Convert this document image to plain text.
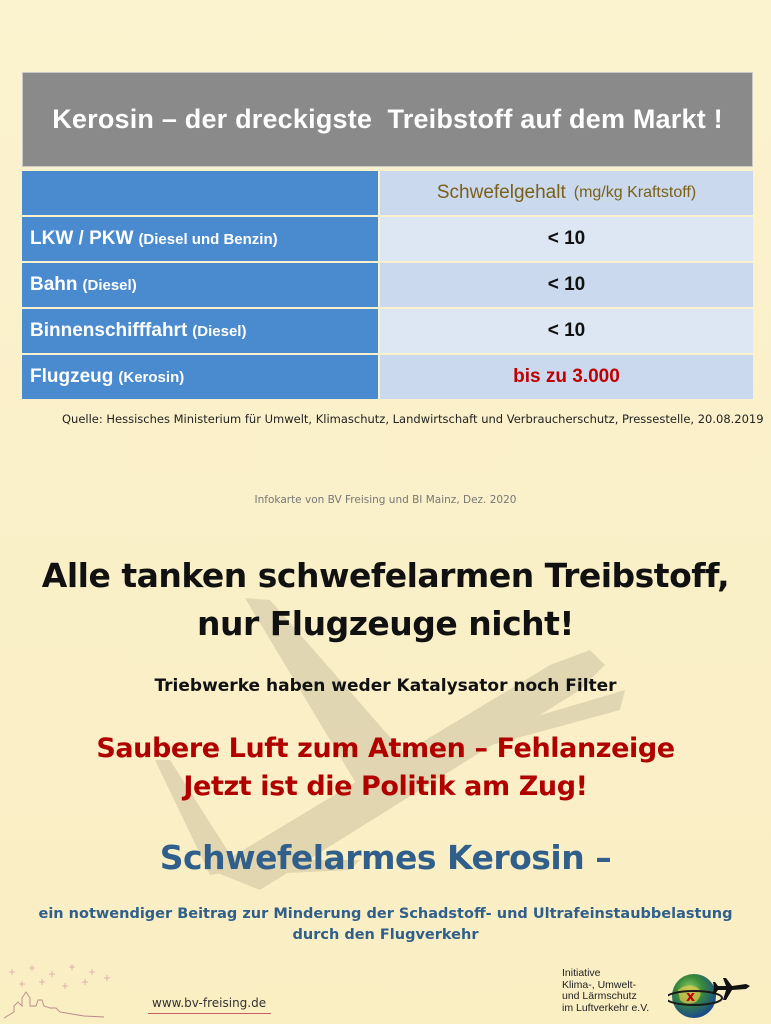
Kerosin – der dreckigste  Treibstoff auf dem Markt !
Schwefelgehalt (mg/kg Kraftstoff)
LKW / PKW (Diesel und Benzin)	< 10
Bahn (Diesel)	< 10
Binnenschifffahrt (Diesel)	< 10
Flugzeug (Kerosin)	bis zu 3.000
Quelle: Hessisches Ministerium für Umwelt, Klimaschutz, Landwirtschaft und Verbraucherschutz, Pressestelle, 20.08.2019
Infokarte von BV Freising und BI Mainz, Dez. 2020
Alle tanken schwefelarmen Treibstoff,
nur Flugzeuge nicht!
Triebwerke haben weder Katalysator noch Filter
Saubere Luft zum Atmen – Fehlanzeige
Jetzt ist die Politik am Zug!
Schwefelarmes Kerosin –
ein notwendiger Beitrag zur Minderung der Schadstoff- und Ultrafeinstaubbelastung
durch den Flugverkehr
www.bv-freising.de
Initiative
Klima-, Umwelt-
und Lärmschutz
im Luftverkehr e.V.
x
